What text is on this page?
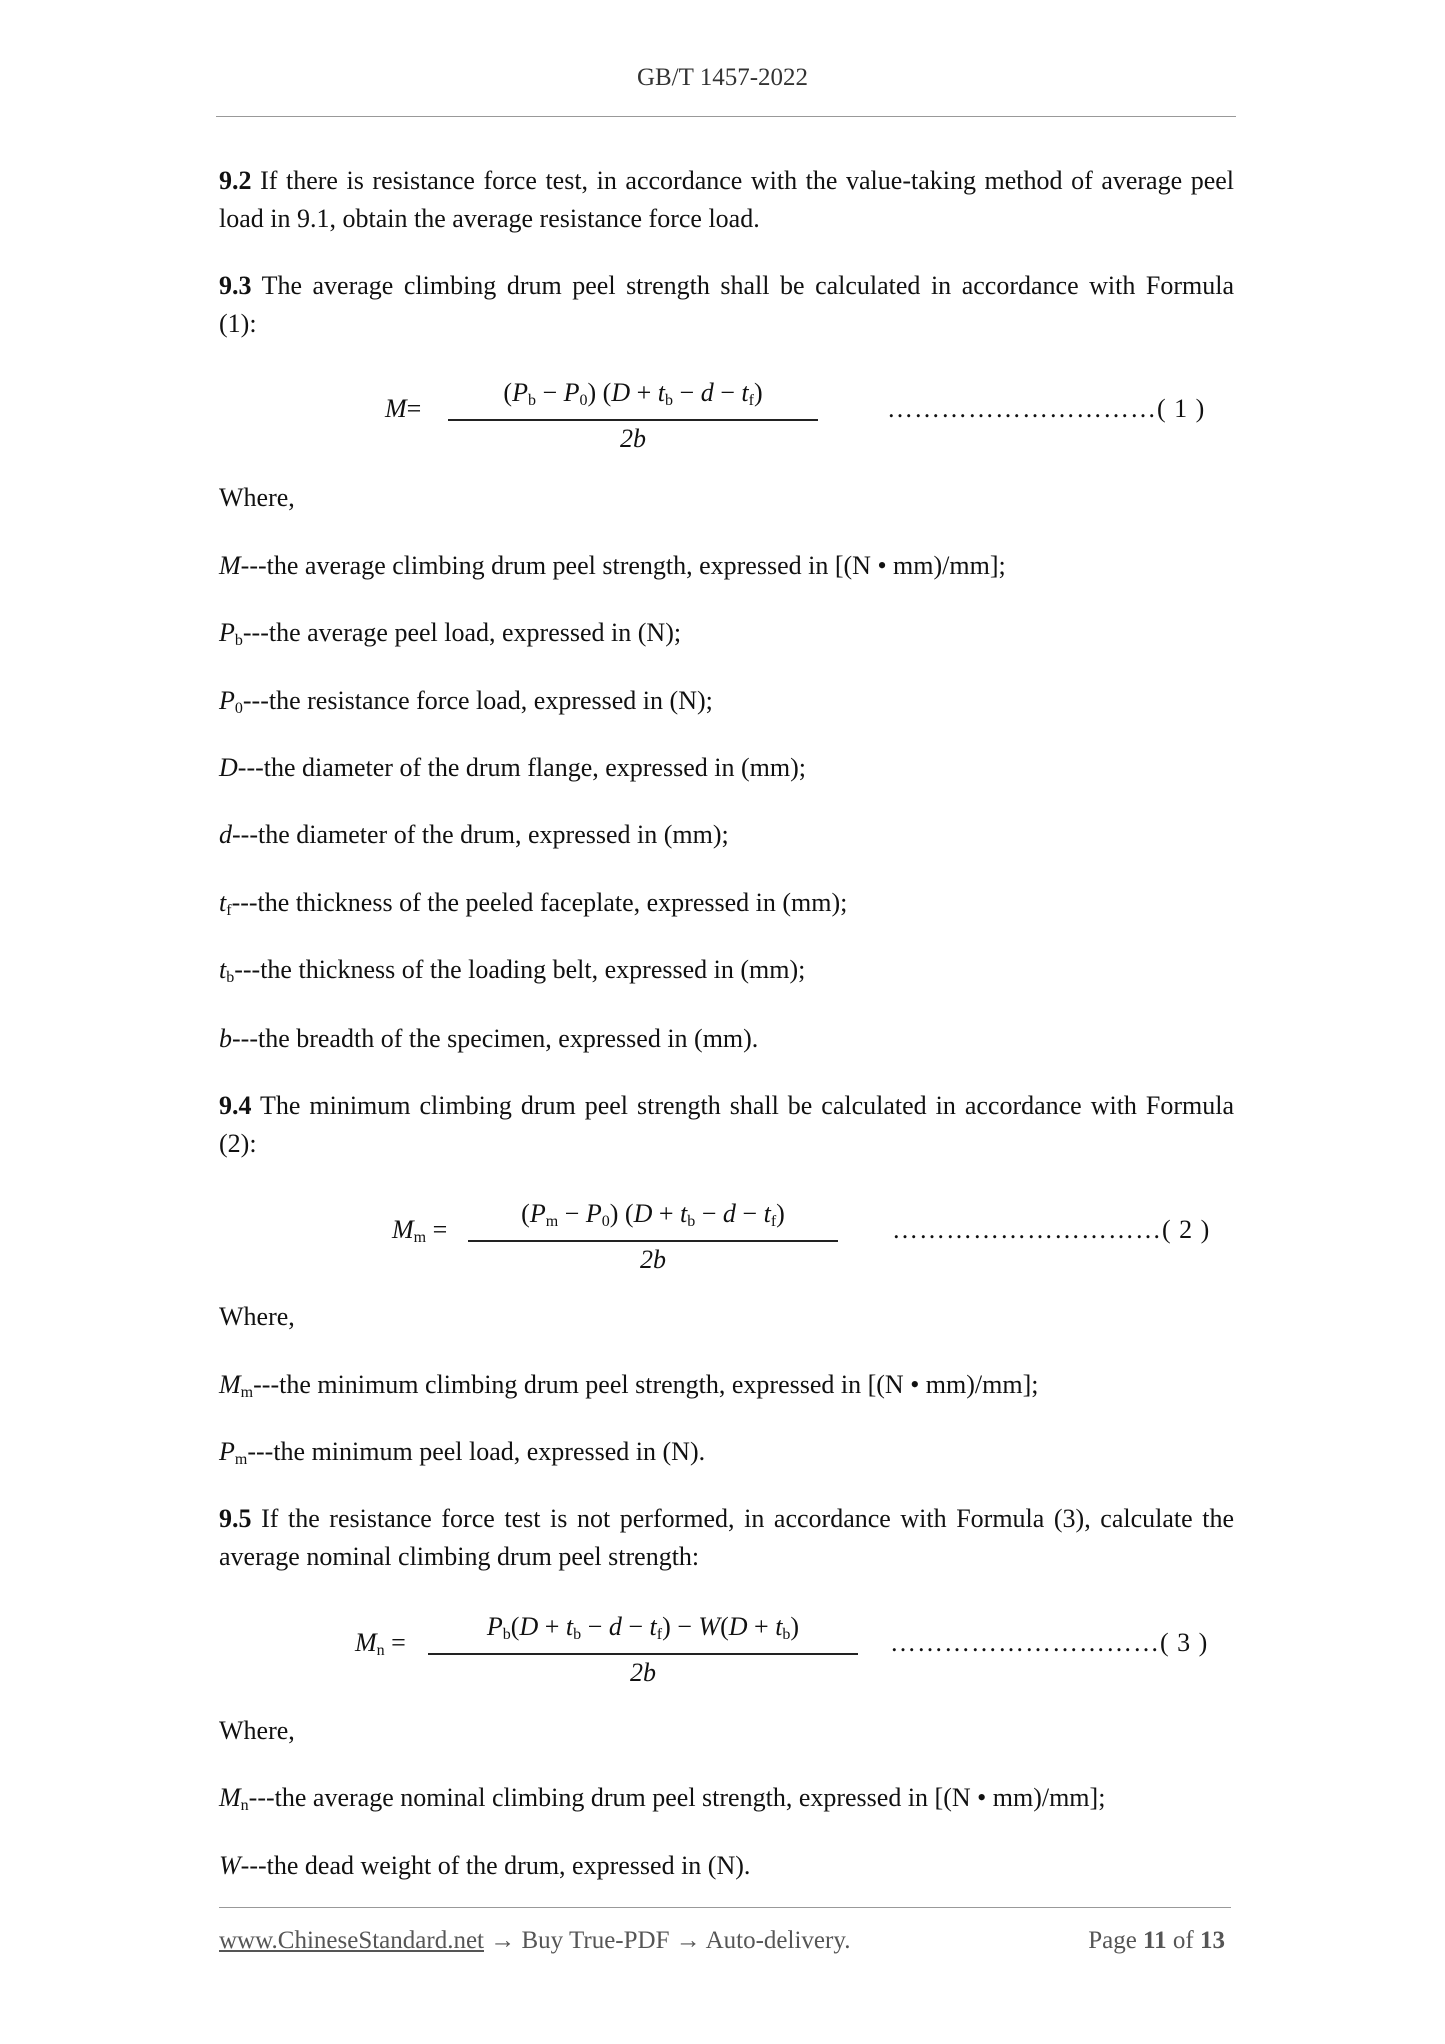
GB/T 1457-2022
9.2 If there is resistance force test, in accordance with the value-taking method of average peel
load in 9.1, obtain the average resistance force load.
9.3 The average climbing drum peel strength shall be calculated in accordance with Formula
(1):
M=
$(P_b - P_0) (D + t_b - d - t_f)$
2b
…………………………( 1 )
Where,
M---the average climbing drum peel strength, expressed in [(N • mm)/mm];
$P_b--$-the average peel load, expressed in (N);
$P_0--$-the resistance force load, expressed in (N);
D---the diameter of the drum flange, expressed in (mm);
d---the diameter of the drum, expressed in (mm);
$t_f--$-the thickness of the peeled faceplate, expressed in (mm);
$t_b--$-the thickness of the loading belt, expressed in (mm);
b---the breadth of the specimen, expressed in (mm).
9.4 The minimum climbing drum peel strength shall be calculated in accordance with Formula
(2):
$M_m$ =
$(P_m - P_0) (D + t_b - d - t_f)$
2b
…………………………( 2 )
Where,
$M_m--$-the minimum climbing drum peel strength, expressed in [(N • mm)/mm];
$P_m--$-the minimum peel load, expressed in (N).
9.5 If the resistance force test is not performed, in accordance with Formula (3), calculate the
average nominal climbing drum peel strength:
$M_n$ =
$P_b(D + t_b - d - t_f) - W(D + t_b)$
2b
…………………………( 3 )
Where,
$M_n--$-the average nominal climbing drum peel strength, expressed in [(N • mm)/mm];
W---the dead weight of the drum, expressed in (N).
www.ChineseStandard.net → Buy True-PDF → Auto-delivery.	Page 11 of 13
